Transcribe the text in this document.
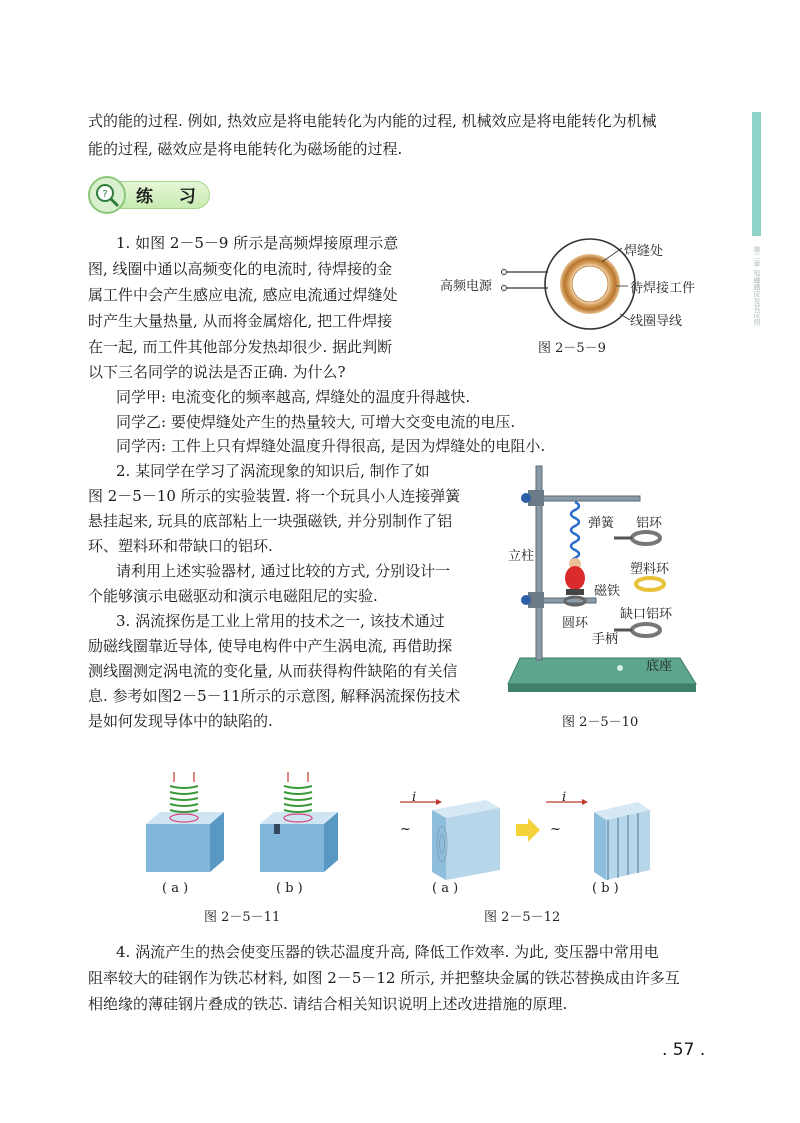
第二章 电磁感应及其应用

式的能的过程. 例如, 热效应是将电能转化为内能的过程, 机械效应是将电能转化为机械

能的过程, 磁效应是将电能转化为磁场能的过程.

? 练 习

1. 如图 2－5－9 所示是高频焊接原理示意

图, 线圈中通以高频变化的电流时, 待焊接的金

属工件中会产生感应电流, 感应电流通过焊缝处

时产生大量热量, 从而将金属熔化, 把工件焊接

在一起, 而工件其他部分发热却很少. 据此判断

以下三名同学的说法是否正确. 为什么?

同学甲: 电流变化的频率越高, 焊缝处的温度升得越快.

同学乙: 要使焊缝处产生的热量较大, 可增大交变电流的电压.

同学丙: 工件上只有焊缝处温度升得很高, 是因为焊缝处的电阻小.

高频电源
焊缝处
待焊接工件
线圈导线
图 2－5－9

2. 某同学在学习了涡流现象的知识后, 制作了如

图 2－5－10 所示的实验装置. 将一个玩具小人连接弹簧

悬挂起来, 玩具的底部粘上一块强磁铁, 并分别制作了铝

环、塑料环和带缺口的铝环.

请利用上述实验器材, 通过比较的方式, 分别设计一

个能够演示电磁驱动和演示电磁阻尼的实验.

3. 涡流探伤是工业上常用的技术之一, 该技术通过

励磁线圈靠近导体, 使导电构件中产生涡电流, 再借助探

测线圈测定涡电流的变化量, 从而获得构件缺陷的有关信

息. 参考如图2－5－11所示的示意图, 解释涡流探伤技术

是如何发现导体中的缺陷的.

弹簧 铝环
立柱
塑料环
磁铁
缺口铝环
圆环
手柄
底座
图 2－5－10
( a )	( b )
图 2－5－11
i
~
i
~
( a )	( b )
图 2－5－12

4. 涡流产生的热会使变压器的铁芯温度升高, 降低工作效率. 为此, 变压器中常用电

阻率较大的硅钢作为铁芯材料, 如图 2－5－12 所示, 并把整块金属的铁芯替换成由许多互

相绝缘的薄硅钢片叠成的铁芯. 请结合相关知识说明上述改进措施的原理.

. 57 .
